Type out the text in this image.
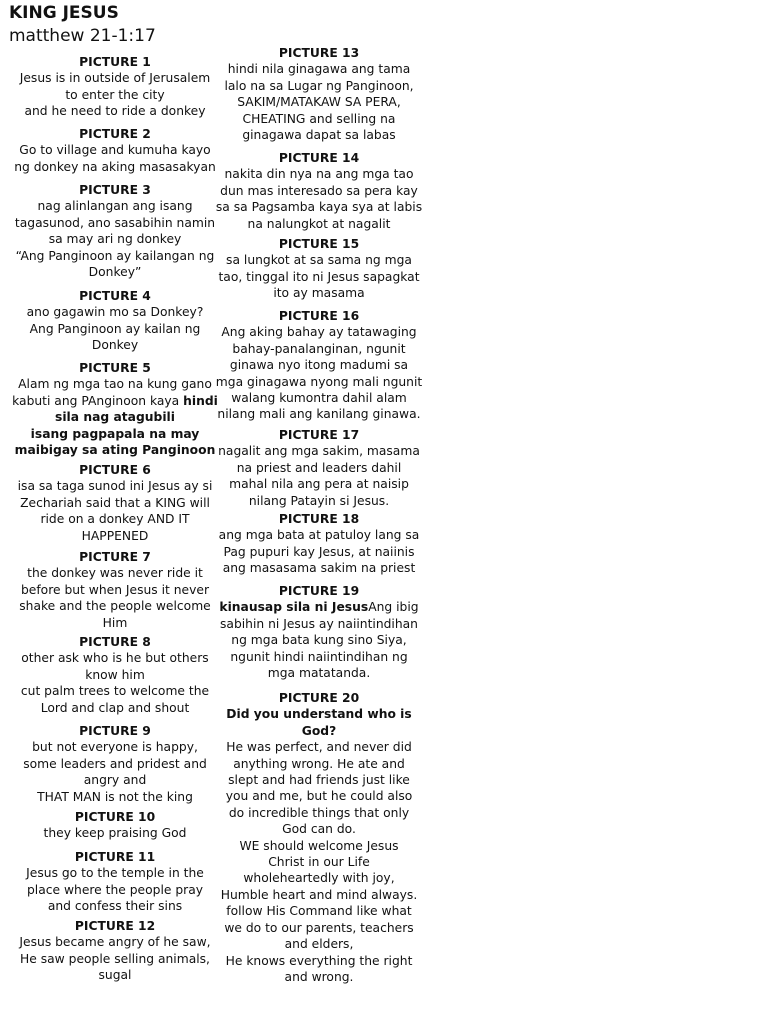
KING JESUS

matthew 21-1:17

PICTURE 1

Jesus is in outside of Jerusalem

to enter the city

and he need to ride a donkey

PICTURE 2

Go to village and kumuha kayo

ng donkey na aking masasakyan

PICTURE 3

nag alinlangan ang isang

tagasunod, ano sasabihin namin

sa may ari ng donkey

“Ang Panginoon ay kailangan ng

Donkey”

PICTURE 4

ano gagawin mo sa Donkey?

Ang Panginoon ay kailan ng

Donkey

PICTURE 5

Alam ng mga tao na kung gano

kabuti ang PAnginoon kaya hindi

sila nag atagubili

isang pagpapala na may

maibigay sa ating Panginoon

PICTURE 6

isa sa taga sunod ini Jesus ay si

Zechariah said that a KING will

ride on a donkey AND IT

HAPPENED

PICTURE 7

the donkey was never ride it

before but when Jesus it never

shake and the people welcome

Him

PICTURE 8

other ask who is he but others

know him

cut palm trees to welcome the

Lord and clap and shout

PICTURE 9

but not everyone is happy,

some leaders and pridest and

angry and

THAT MAN is not the king

PICTURE 10

they keep praising God

PICTURE 11

Jesus go to the temple in the

place where the people pray

and confess their sins

PICTURE 12

Jesus became angry of he saw,

He saw people selling animals,

sugal

PICTURE 13

hindi nila ginagawa ang tama

lalo na sa Lugar ng Panginoon,

SAKIM/MATAKAW SA PERA,

CHEATING and selling na

ginagawa dapat sa labas

PICTURE 14

nakita din nya na ang mga tao

dun mas interesado sa pera kay

sa sa Pagsamba kaya sya at labis

na nalungkot at nagalit

PICTURE 15

sa lungkot at sa sama ng mga

tao, tinggal ito ni Jesus sapagkat

ito ay masama

PICTURE 16

Ang aking bahay ay tatawaging

bahay-panalanginan, ngunit

ginawa nyo itong madumi sa

mga ginagawa nyong mali ngunit

walang kumontra dahil alam

nilang mali ang kanilang ginawa.

PICTURE 17

nagalit ang mga sakim, masama

na priest and leaders dahil

mahal nila ang pera at naisip

nilang Patayin si Jesus.

PICTURE 18

ang mga bata at patuloy lang sa

Pag pupuri kay Jesus, at naiinis

ang masasama sakim na priest

PICTURE 19

kinausap sila ni JesusAng ibig

sabihin ni Jesus ay naiintindihan

ng mga bata kung sino Siya,

ngunit hindi naiintindihan ng

mga matatanda.

PICTURE 20

Did you understand who is

God?

He was perfect, and never did

anything wrong. He ate and

slept and had friends just like

you and me, but he could also

do incredible things that only

God can do.

WE should welcome Jesus

Christ in our Life

wholeheartedly with joy,

Humble heart and mind always.

follow His Command like what

we do to our parents, teachers

and elders,

He knows everything the right

and wrong.
